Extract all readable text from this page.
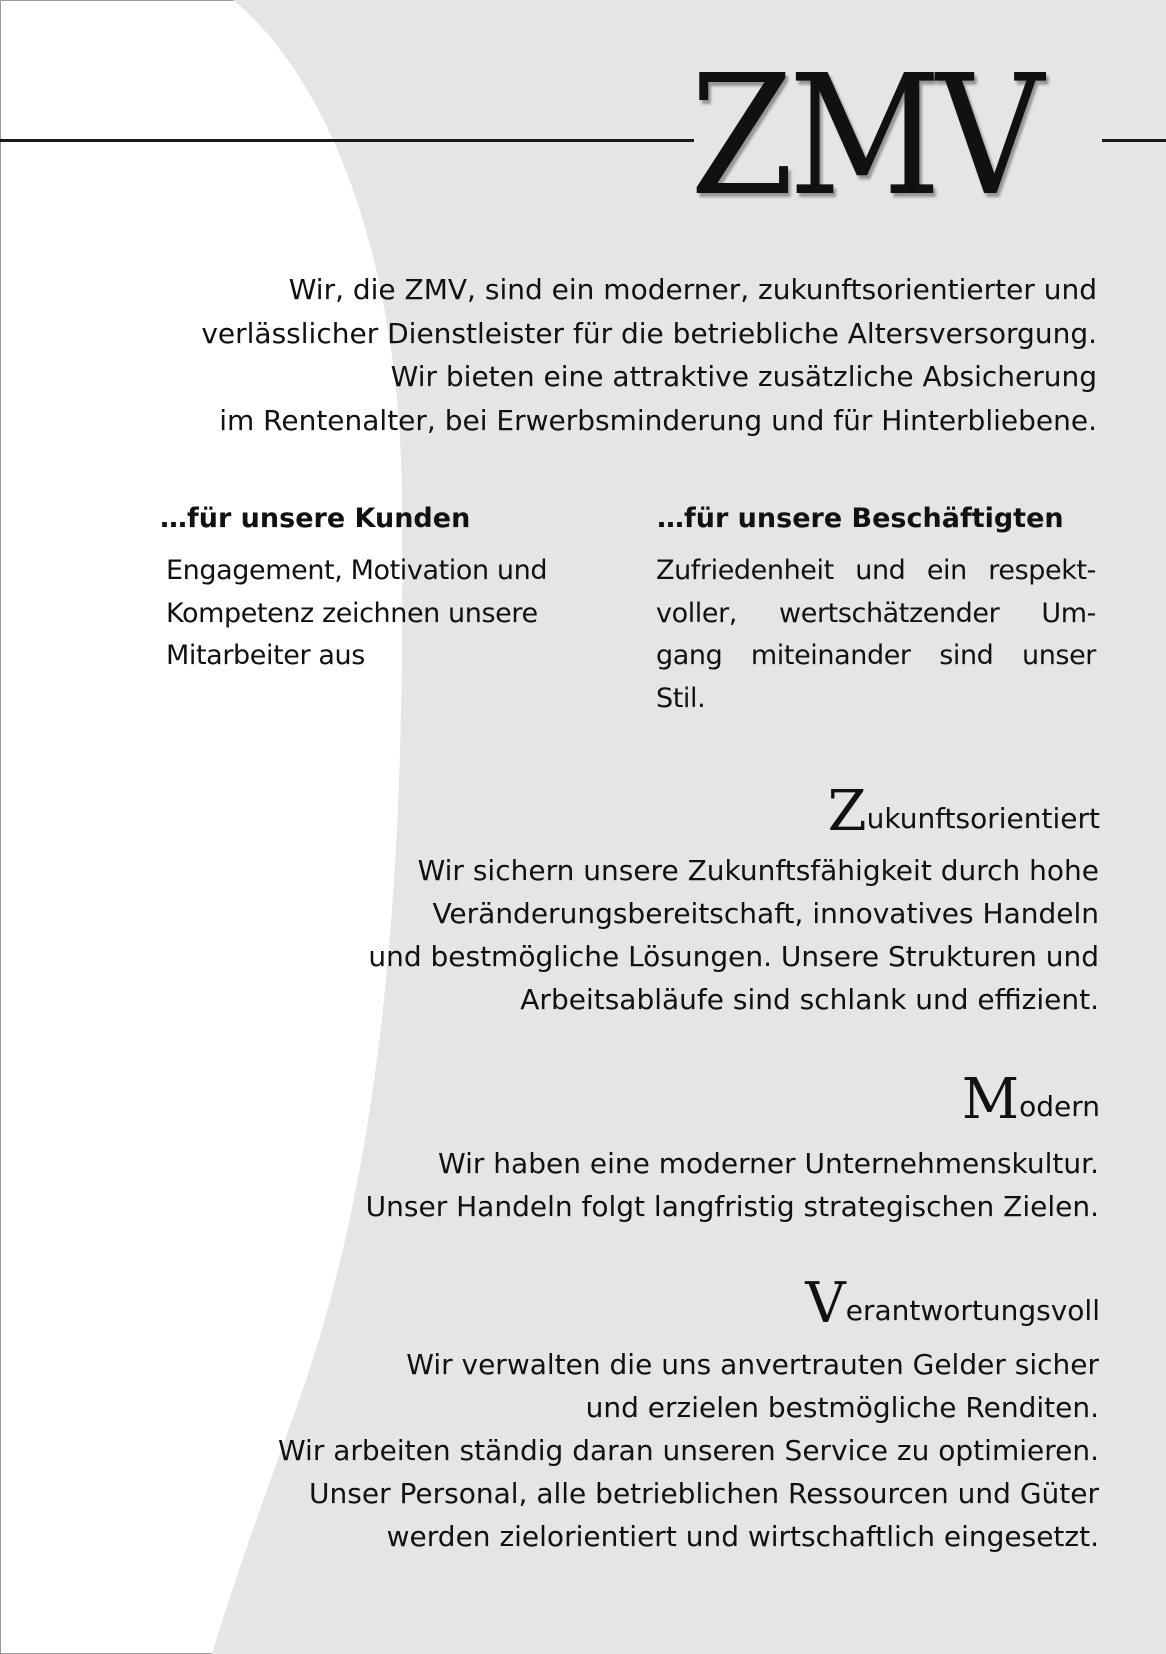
ZMV

Wir, die ZMV, sind ein moderner, zukunftsorientierter und
verlässlicher Dienstleister für die betriebliche Altersversorgung.
Wir bieten eine attraktive zusätzliche Absicherung
im Rentenalter, bei Erwerbsminderung und für Hinterbliebene.

…für unsere Kunden

Engagement, Motivation und
Kompetenz zeichnen unsere
Mitarbeiter aus

…für unsere Beschäftigten

Zufriedenheit und ein respekt-
voller, wertschätzender Um-
gang miteinander sind unser
Stil.

Zukunftsorientiert

Wir sichern unsere Zukunftsfähigkeit durch hohe
Veränderungsbereitschaft, innovatives Handeln
und bestmögliche Lösungen. Unsere Strukturen und
Arbeitsabläufe sind schlank und effizient.

Modern

Wir haben eine moderner Unternehmenskultur.
Unser Handeln folgt langfristig strategischen Zielen.

Verantwortungsvoll

Wir verwalten die uns anvertrauten Gelder sicher
und erzielen bestmögliche Renditen.
Wir arbeiten ständig daran unseren Service zu optimieren.
Unser Personal, alle betrieblichen Ressourcen und Güter
werden zielorientiert und wirtschaftlich eingesetzt.
